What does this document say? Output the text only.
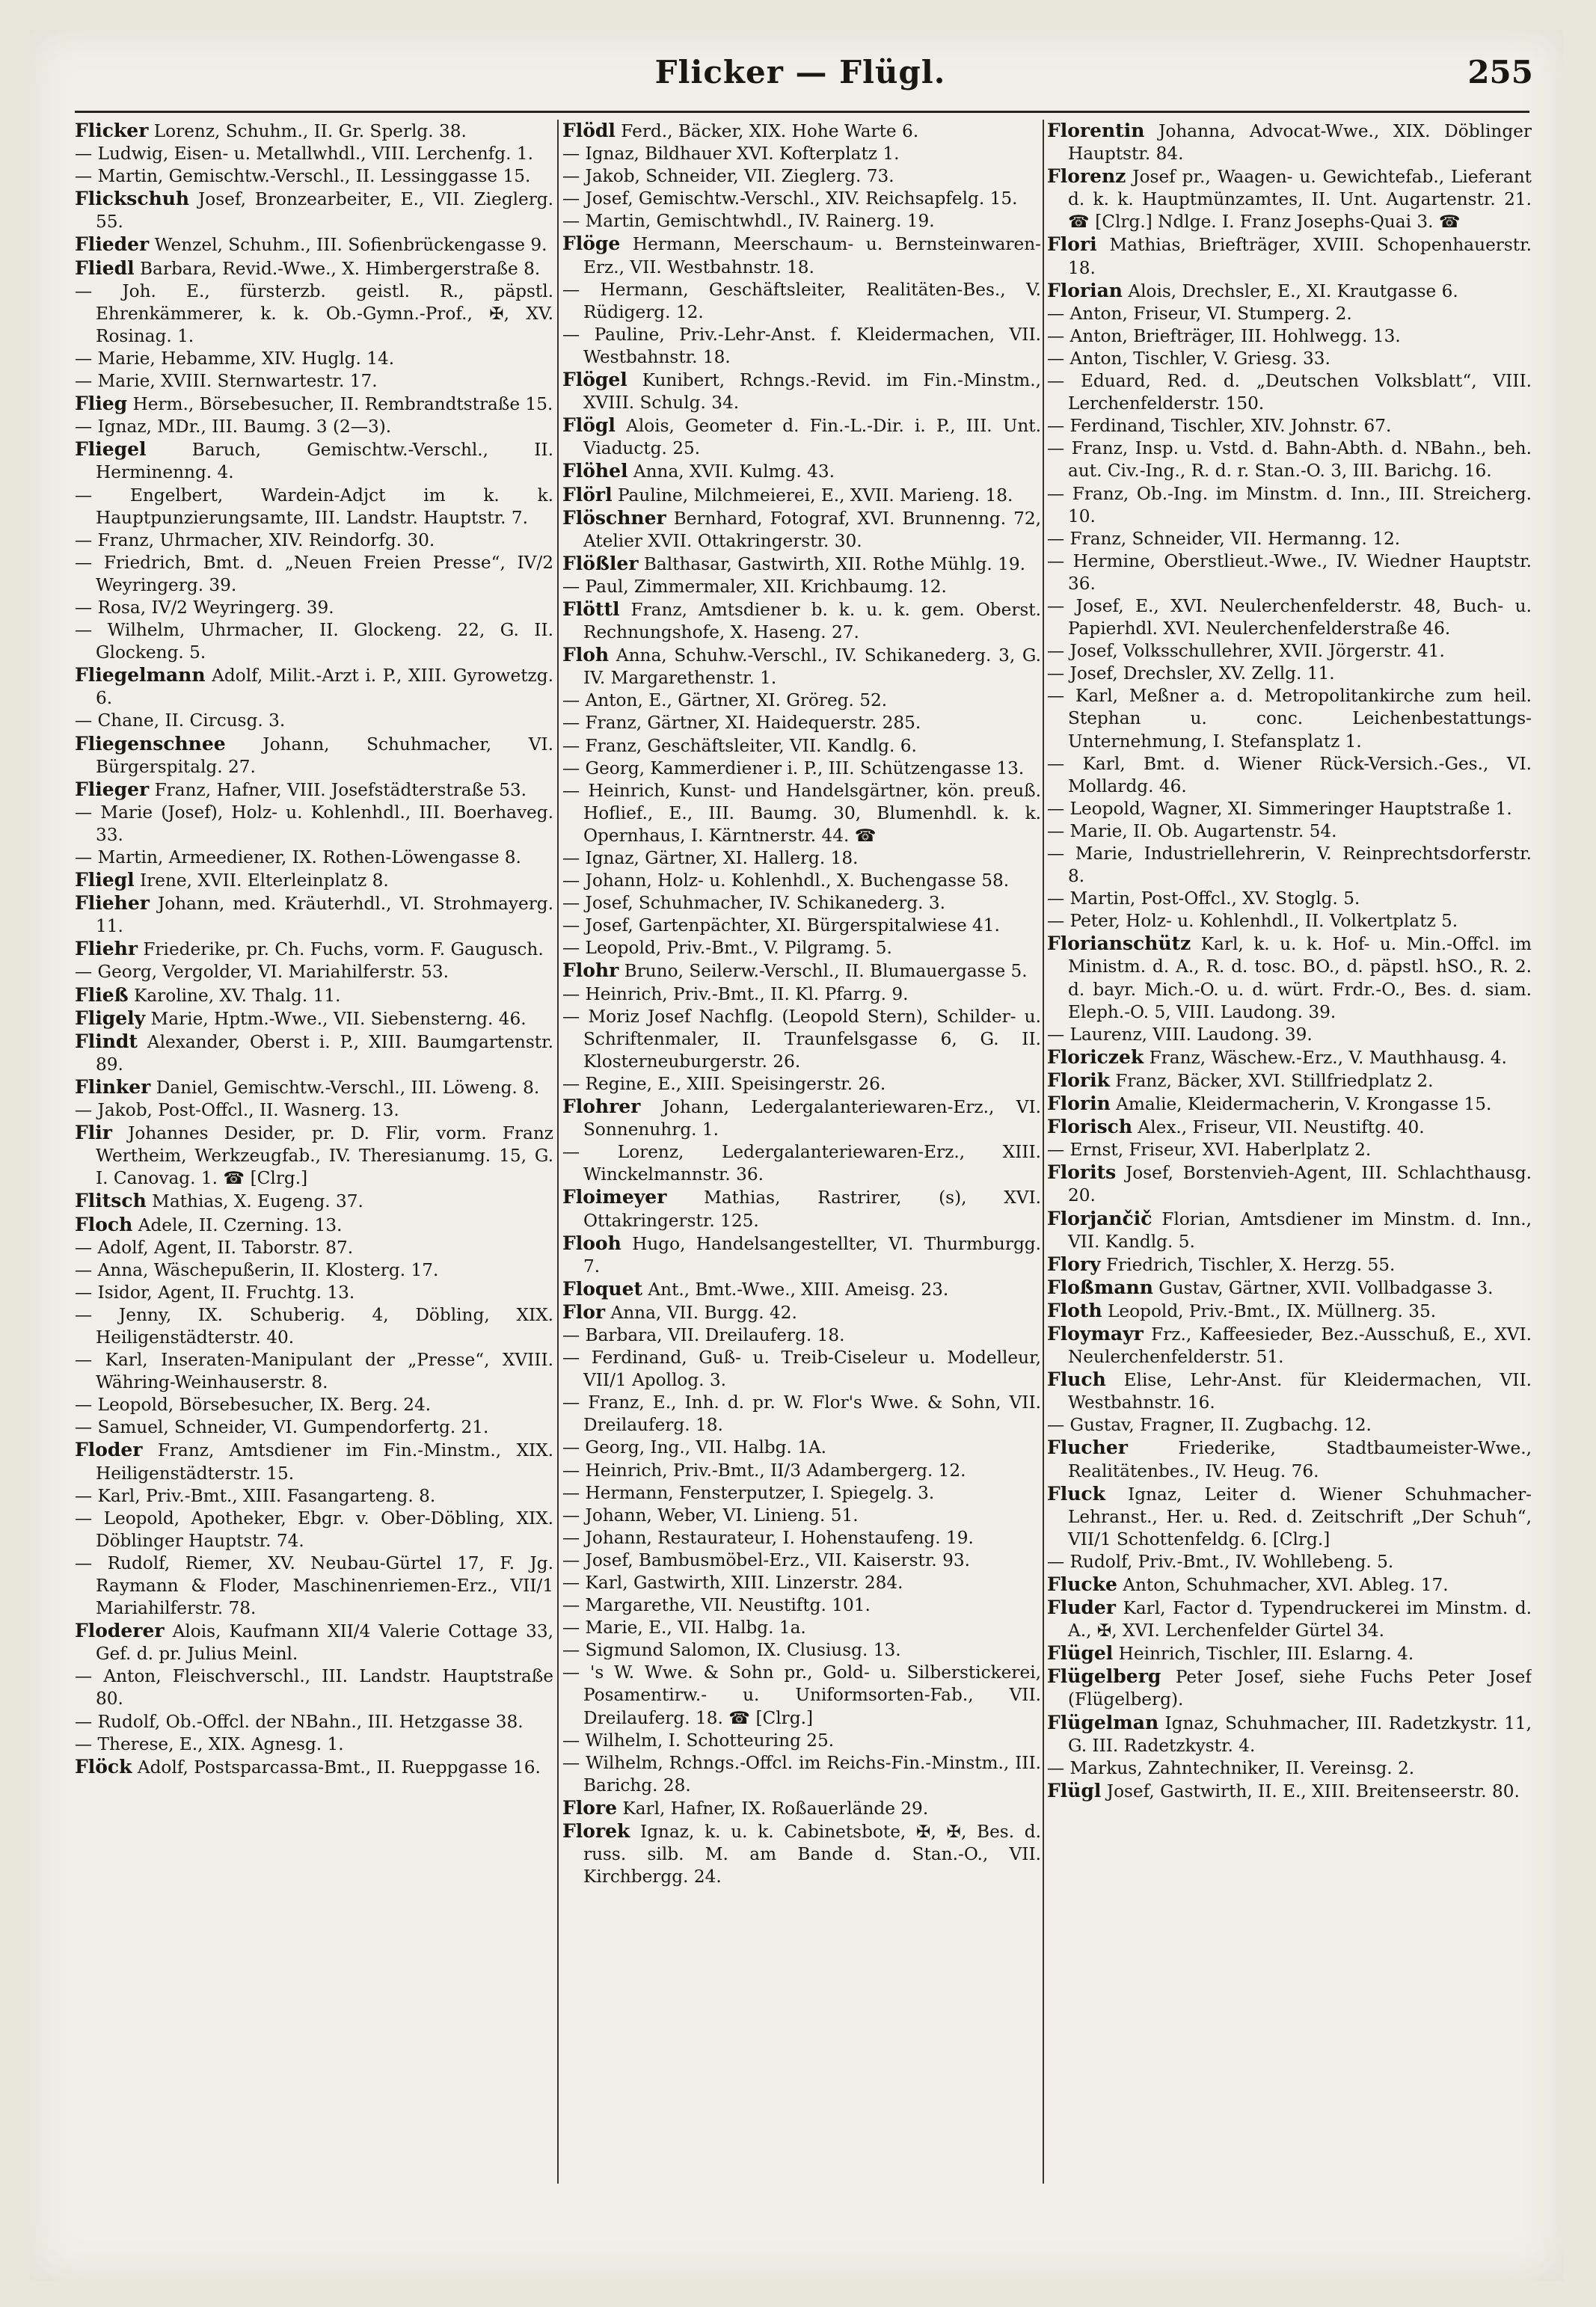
Flicker — Flügl.	255
Flicker Lorenz, Schuhm., II. Gr. Sperlg. 38.
— Ludwig, Eisen- u. Metallwhdl., VIII. Lerchenfg. 1.
— Martin, Gemischtw.-Verschl., II. Lessinggasse 15.
Flickschuh Josef, Bronzearbeiter, E., VII. Zieglerg. 55.
Flieder Wenzel, Schuhm., III. Sofienbrückengasse 9.
Fliedl Barbara, Revid.-Wwe., X. Himbergerstraße 8.
— Joh. E., fürsterzb. geistl. R., päpstl. Ehrenkämmerer, k. k. Ob.-Gymn.-Prof., ✠, XV. Rosinag. 1.
— Marie, Hebamme, XIV. Huglg. 14.
— Marie, XVIII. Sternwartestr. 17.
Flieg Herm., Börsebesucher, II. Rembrandtstraße 15.
— Ignaz, MDr., III. Baumg. 3 (2—3).
Fliegel Baruch, Gemischtw.-Verschl., II. Herminenng. 4.
— Engelbert, Wardein-Adjct im k. k. Hauptpunzierungsamte, III. Landstr. Hauptstr. 7.
— Franz, Uhrmacher, XIV. Reindorfg. 30.
— Friedrich, Bmt. d. „Neuen Freien Presse“, IV/2 Weyringerg. 39.
— Rosa, IV/2 Weyringerg. 39.
— Wilhelm, Uhrmacher, II. Glockeng. 22, G. II. Glockeng. 5.
Fliegelmann Adolf, Milit.-Arzt i. P., XIII. Gyrowetzg. 6.
— Chane, II. Circusg. 3.
Fliegenschnee Johann, Schuhmacher, VI. Bürgerspitalg. 27.
Flieger Franz, Hafner, VIII. Josefstädterstraße 53.
— Marie (Josef), Holz- u. Kohlenhdl., III. Boerhaveg. 33.
— Martin, Armeediener, IX. Rothen-Löwengasse 8.
Fliegl Irene, XVII. Elterleinplatz 8.
Flieher Johann, med. Kräuterhdl., VI. Strohmayerg. 11.
Fliehr Friederike, pr. Ch. Fuchs, vorm. F. Gaugusch.
— Georg, Vergolder, VI. Mariahilferstr. 53.
Fließ Karoline, XV. Thalg. 11.
Fligely Marie, Hptm.-Wwe., VII. Siebensterng. 46.
Flindt Alexander, Oberst i. P., XIII. Baumgartenstr. 89.
Flinker Daniel, Gemischtw.-Verschl., III. Löweng. 8.
— Jakob, Post-Offcl., II. Wasnerg. 13.
Flir Johannes Desider, pr. D. Flir, vorm. Franz Wertheim, Werkzeugfab., IV. Theresianumg. 15, G. I. Canovag. 1. ☎ [Clrg.]
Flitsch Mathias, X. Eugeng. 37.
Floch Adele, II. Czerning. 13.
— Adolf, Agent, II. Taborstr. 87.
— Anna, Wäschepußerin, II. Klosterg. 17.
— Isidor, Agent, II. Fruchtg. 13.
— Jenny, IX. Schuberig. 4, Döbling, XIX. Heiligenstädterstr. 40.
— Karl, Inseraten-Manipulant der „Presse“, XVIII. Währing-Weinhauserstr. 8.
— Leopold, Börsebesucher, IX. Berg. 24.
— Samuel, Schneider, VI. Gumpendorfertg. 21.
Floder Franz, Amtsdiener im Fin.-Minstm., XIX. Heiligenstädterstr. 15.
— Karl, Priv.-Bmt., XIII. Fasangarteng. 8.
— Leopold, Apotheker, Ebgr. v. Ober-Döbling, XIX. Döblinger Hauptstr. 74.
— Rudolf, Riemer, XV. Neubau-Gürtel 17, F. Jg. Raymann & Floder, Maschinenriemen-Erz., VII/1 Mariahilferstr. 78.
Floderer Alois, Kaufmann XII/4 Valerie Cottage 33, Gef. d. pr. Julius Meinl.
— Anton, Fleischverschl., III. Landstr. Hauptstraße 80.
— Rudolf, Ob.-Offcl. der NBahn., III. Hetzgasse 38.
— Therese, E., XIX. Agnesg. 1.
Flöck Adolf, Postsparcassa-Bmt., II. Rueppgasse 16.
Flödl Ferd., Bäcker, XIX. Hohe Warte 6.
— Ignaz, Bildhauer XVI. Kofterplatz 1.
— Jakob, Schneider, VII. Zieglerg. 73.
— Josef, Gemischtw.-Verschl., XIV. Reichsapfelg. 15.
— Martin, Gemischtwhdl., IV. Rainerg. 19.
Flöge Hermann, Meerschaum- u. Bernsteinwaren-Erz., VII. Westbahnstr. 18.
— Hermann, Geschäftsleiter, Realitäten-Bes., V. Rüdigerg. 12.
— Pauline, Priv.-Lehr-Anst. f. Kleidermachen, VII. Westbahnstr. 18.
Flögel Kunibert, Rchngs.-Revid. im Fin.-Minstm., XVIII. Schulg. 34.
Flögl Alois, Geometer d. Fin.-L.-Dir. i. P., III. Unt. Viaductg. 25.
Flöhel Anna, XVII. Kulmg. 43.
Flörl Pauline, Milchmeierei, E., XVII. Marieng. 18.
Flöschner Bernhard, Fotograf, XVI. Brunnenng. 72, Atelier XVII. Ottakringerstr. 30.
Flößler Balthasar, Gastwirth, XII. Rothe Mühlg. 19.
— Paul, Zimmermaler, XII. Krichbaumg. 12.
Flöttl Franz, Amtsdiener b. k. u. k. gem. Oberst. Rechnungshofe, X. Haseng. 27.
Floh Anna, Schuhw.-Verschl., IV. Schikanederg. 3, G. IV. Margarethenstr. 1.
— Anton, E., Gärtner, XI. Gröreg. 52.
— Franz, Gärtner, XI. Haidequerstr. 285.
— Franz, Geschäftsleiter, VII. Kandlg. 6.
— Georg, Kammerdiener i. P., III. Schützengasse 13.
— Heinrich, Kunst- und Handelsgärtner, kön. preuß. Hoflief., E., III. Baumg. 30, Blumenhdl. k. k. Opernhaus, I. Kärntnerstr. 44. ☎
— Ignaz, Gärtner, XI. Hallerg. 18.
— Johann, Holz- u. Kohlenhdl., X. Buchengasse 58.
— Josef, Schuhmacher, IV. Schikanederg. 3.
— Josef, Gartenpächter, XI. Bürgerspitalwiese 41.
— Leopold, Priv.-Bmt., V. Pilgramg. 5.
Flohr Bruno, Seilerw.-Verschl., II. Blumauergasse 5.
— Heinrich, Priv.-Bmt., II. Kl. Pfarrg. 9.
— Moriz Josef Nachflg. (Leopold Stern), Schilder- u. Schriftenmaler, II. Traunfelsgasse 6, G. II. Klosterneuburgerstr. 26.
— Regine, E., XIII. Speisingerstr. 26.
Flohrer Johann, Ledergalanteriewaren-Erz., VI. Sonnenuhrg. 1.
— Lorenz, Ledergalanteriewaren-Erz., XIII. Winckelmannstr. 36.
Floimeyer Mathias, Rastrirer, (s), XVI. Ottakringerstr. 125.
Flooh Hugo, Handelsangestellter, VI. Thurmburgg. 7.
Floquet Ant., Bmt.-Wwe., XIII. Ameisg. 23.
Flor Anna, VII. Burgg. 42.
— Barbara, VII. Dreilauferg. 18.
— Ferdinand, Guß- u. Treib-Ciseleur u. Modelleur, VII/1 Apollog. 3.
— Franz, E., Inh. d. pr. W. Flor's Wwe. & Sohn, VII. Dreilauferg. 18.
— Georg, Ing., VII. Halbg. 1A.
— Heinrich, Priv.-Bmt., II/3 Adambergerg. 12.
— Hermann, Fensterputzer, I. Spiegelg. 3.
— Johann, Weber, VI. Linieng. 51.
— Johann, Restaurateur, I. Hohenstaufeng. 19.
— Josef, Bambusmöbel-Erz., VII. Kaiserstr. 93.
— Karl, Gastwirth, XIII. Linzerstr. 284.
— Margarethe, VII. Neustiftg. 101.
— Marie, E., VII. Halbg. 1a.
— Sigmund Salomon, IX. Clusiusg. 13.
— 's W. Wwe. & Sohn pr., Gold- u. Silberstickerei, Posamentirw.- u. Uniformsorten-Fab., VII. Dreilauferg. 18. ☎ [Clrg.]
— Wilhelm, I. Schotteuring 25.
— Wilhelm, Rchngs.-Offcl. im Reichs-Fin.-Minstm., III. Barichg. 28.
Flore Karl, Hafner, IX. Roßauerlände 29.
Florek Ignaz, k. u. k. Cabinetsbote, ✠, ✠, Bes. d. russ. silb. M. am Bande d. Stan.-O., VII. Kirchbergg. 24.
Florentin Johanna, Advocat-Wwe., XIX. Döblinger Hauptstr. 84.
Florenz Josef pr., Waagen- u. Gewichtefab., Lieferant d. k. k. Hauptmünzamtes, II. Unt. Augartenstr. 21. ☎ [Clrg.] Ndlge. I. Franz Josephs-Quai 3. ☎
Flori Mathias, Briefträger, XVIII. Schopenhauerstr. 18.
Florian Alois, Drechsler, E., XI. Krautgasse 6.
— Anton, Friseur, VI. Stumperg. 2.
— Anton, Briefträger, III. Hohlwegg. 13.
— Anton, Tischler, V. Griesg. 33.
— Eduard, Red. d. „Deutschen Volksblatt“, VIII. Lerchenfelderstr. 150.
— Ferdinand, Tischler, XIV. Johnstr. 67.
— Franz, Insp. u. Vstd. d. Bahn-Abth. d. NBahn., beh. aut. Civ.-Ing., R. d. r. Stan.-O. 3, III. Barichg. 16.
— Franz, Ob.-Ing. im Minstm. d. Inn., III. Streicherg. 10.
— Franz, Schneider, VII. Hermanng. 12.
— Hermine, Oberstlieut.-Wwe., IV. Wiedner Hauptstr. 36.
— Josef, E., XVI. Neulerchenfelderstr. 48, Buch- u. Papierhdl. XVI. Neulerchenfelderstraße 46.
— Josef, Volksschullehrer, XVII. Jörgerstr. 41.
— Josef, Drechsler, XV. Zellg. 11.
— Karl, Meßner a. d. Metropolitankirche zum heil. Stephan u. conc. Leichenbestattungs-Unternehmung, I. Stefansplatz 1.
— Karl, Bmt. d. Wiener Rück-Versich.-Ges., VI. Mollardg. 46.
— Leopold, Wagner, XI. Simmeringer Hauptstraße 1.
— Marie, II. Ob. Augartenstr. 54.
— Marie, Industriellehrerin, V. Reinprechtsdorferstr. 8.
— Martin, Post-Offcl., XV. Stoglg. 5.
— Peter, Holz- u. Kohlenhdl., II. Volkertplatz 5.
Florianschütz Karl, k. u. k. Hof- u. Min.-Offcl. im Ministm. d. A., R. d. tosc. BO., d. päpstl. hSO., R. 2. d. bayr. Mich.-O. u. d. würt. Frdr.-O., Bes. d. siam. Eleph.-O. 5, VIII. Laudong. 39.
— Laurenz, VIII. Laudong. 39.
Floriczek Franz, Wäschew.-Erz., V. Mauthhausg. 4.
Florik Franz, Bäcker, XVI. Stillfriedplatz 2.
Florin Amalie, Kleidermacherin, V. Krongasse 15.
Florisch Alex., Friseur, VII. Neustiftg. 40.
— Ernst, Friseur, XVI. Haberlplatz 2.
Florits Josef, Borstenvieh-Agent, III. Schlachthausg. 20.
Florjančič Florian, Amtsdiener im Minstm. d. Inn., VII. Kandlg. 5.
Flory Friedrich, Tischler, X. Herzg. 55.
Floßmann Gustav, Gärtner, XVII. Vollbadgasse 3.
Floth Leopold, Priv.-Bmt., IX. Müllnerg. 35.
Floymayr Frz., Kaffeesieder, Bez.-Ausschuß, E., XVI. Neulerchenfelderstr. 51.
Fluch Elise, Lehr-Anst. für Kleidermachen, VII. Westbahnstr. 16.
— Gustav, Fragner, II. Zugbachg. 12.
Flucher Friederike, Stadtbaumeister-Wwe., Realitätenbes., IV. Heug. 76.
Fluck Ignaz, Leiter d. Wiener Schuhmacher-Lehranst., Her. u. Red. d. Zeitschrift „Der Schuh“, VII/1 Schottenfeldg. 6. [Clrg.]
— Rudolf, Priv.-Bmt., IV. Wohllebeng. 5.
Flucke Anton, Schuhmacher, XVI. Ableg. 17.
Fluder Karl, Factor d. Typendruckerei im Minstm. d. A., ✠, XVI. Lerchenfelder Gürtel 34.
Flügel Heinrich, Tischler, III. Eslarng. 4.
Flügelberg Peter Josef, siehe Fuchs Peter Josef (Flügelberg).
Flügelman Ignaz, Schuhmacher, III. Radetzkystr. 11, G. III. Radetzkystr. 4.
— Markus, Zahntechniker, II. Vereinsg. 2.
Flügl Josef, Gastwirth, II. E., XIII. Breitenseerstr. 80.
